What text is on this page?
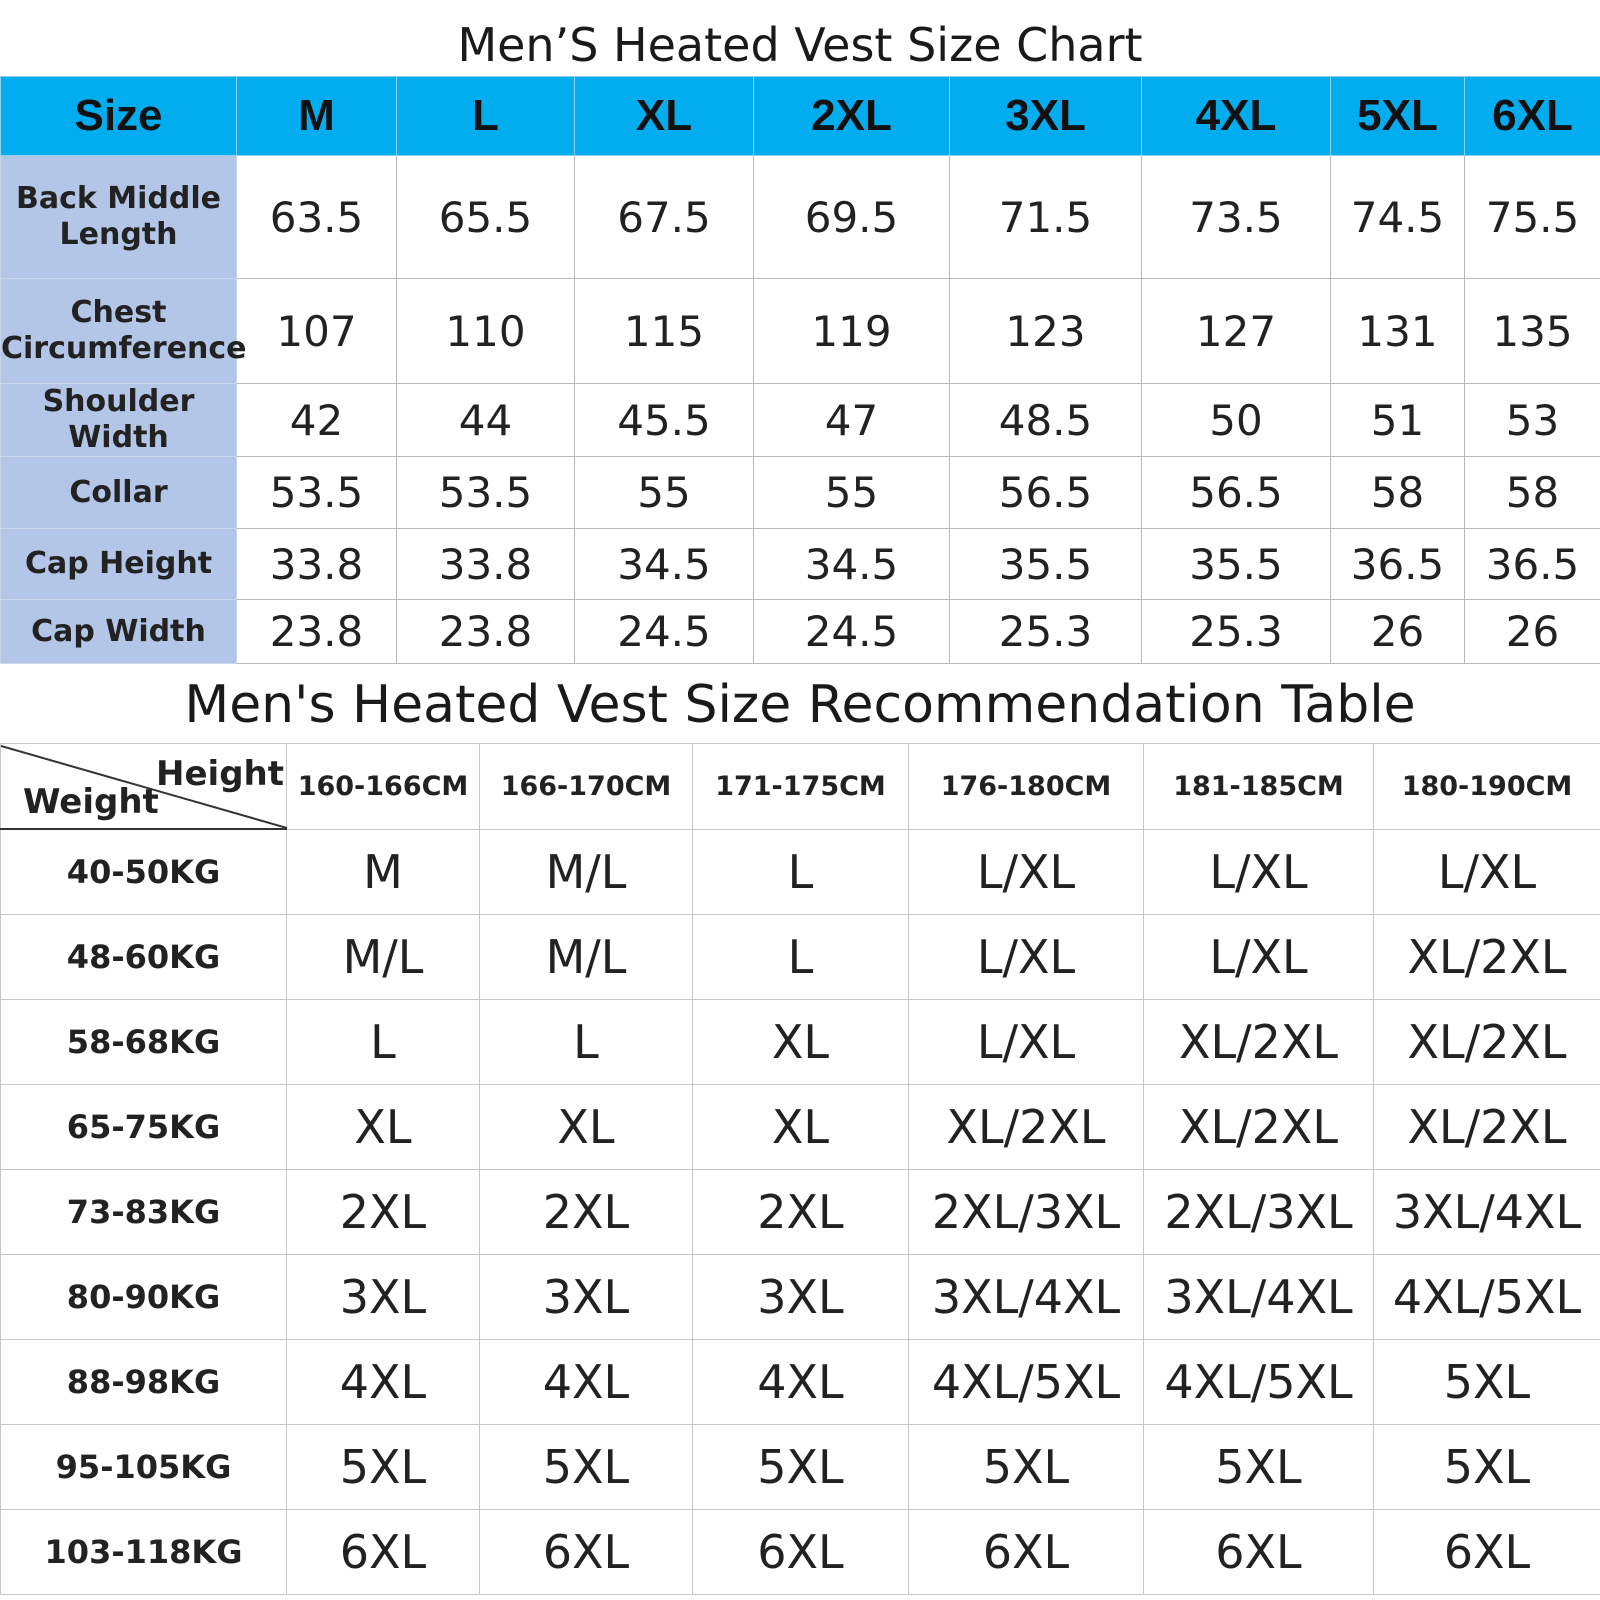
Men’S Heated Vest Size Chart
Size	M	L	XL	2XL	3XL	4XL	5XL	6XL
Back Middle Length	63.5	65.5	67.5	69.5	71.5	73.5	74.5	75.5
Chest Circumference	107	110	115	119	123	127	131	135
Shoulder Width	42	44	45.5	47	48.5	50	51	53
Collar	53.5	53.5	55	55	56.5	56.5	58	58
Cap Height	33.8	33.8	34.5	34.5	35.5	35.5	36.5	36.5
Cap Width	23.8	23.8	24.5	24.5	25.3	25.3	26	26
Men's Heated Vest Size Recommendation Table
Height
Weight	160-166CM	166-170CM	171-175CM	176-180CM	181-185CM	180-190CM
40-50KG	M	M/L	L	L/XL	L/XL	L/XL
48-60KG	M/L	M/L	L	L/XL	L/XL	XL/2XL
58-68KG	L	L	XL	L/XL	XL/2XL	XL/2XL
65-75KG	XL	XL	XL	XL/2XL	XL/2XL	XL/2XL
73-83KG	2XL	2XL	2XL	2XL/3XL	2XL/3XL	3XL/4XL
80-90KG	3XL	3XL	3XL	3XL/4XL	3XL/4XL	4XL/5XL
88-98KG	4XL	4XL	4XL	4XL/5XL	4XL/5XL	5XL
95-105KG	5XL	5XL	5XL	5XL	5XL	5XL
103-118KG	6XL	6XL	6XL	6XL	6XL	6XL
